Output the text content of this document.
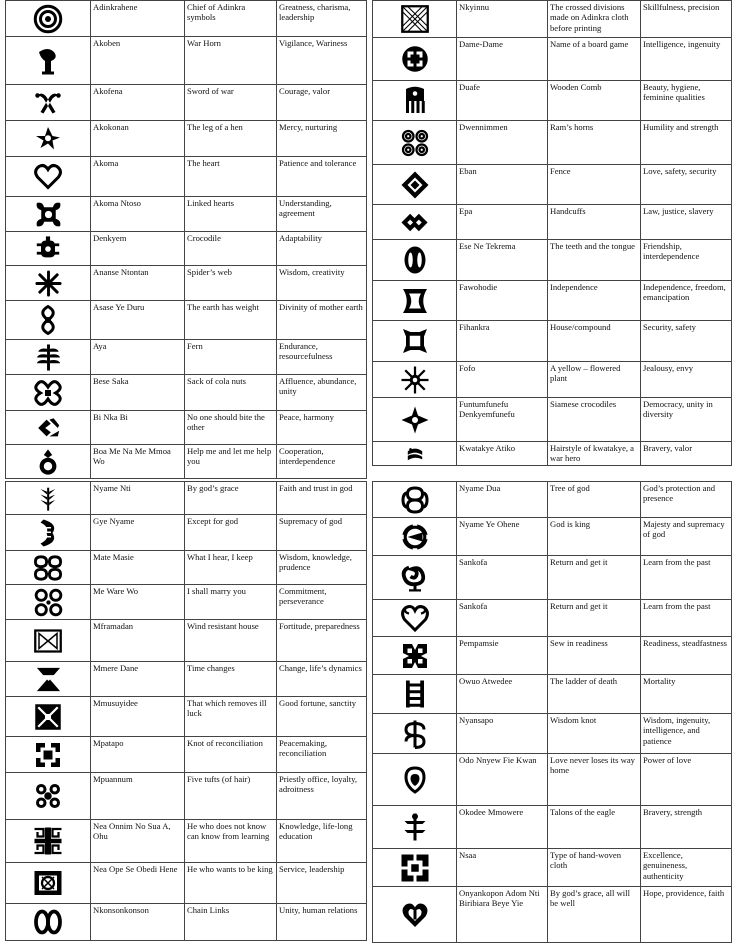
	Adinkrahene	Chief of Adinkra symbols	Greatness, charisma, leadership

	Akoben	War Horn	Vigilance, Wariness

	Akofena	Sword of war	Courage, valor

	Akokonan	The leg of a hen	Mercy, nurturing

	Akoma	The heart	Patience and tolerance

	Akoma Ntoso	Linked hearts	Understanding, agreement

	Denkyem	Crocodile	Adaptability

	Ananse Ntontan	Spider’s web	Wisdom, creativity

	Asase Ye Duru	The earth has weight	Divinity of mother earth

	Aya	Fern	Endurance, resourcefulness

	Bese Saka	Sack of cola nuts	Affluence, abundance, unity

	Bi Nka Bi	No one should bite the other	Peace, harmony

	Boa Me Na Me Mmoa Wo	Help me and let me help you	Cooperation, interdependence
	Nkyinnu	The crossed divisions made on Adinkra cloth before printing	Skillfulness, precision

	Dame-Dame	Name of a board game	Intelligence, ingenuity

	Duafe	Wooden Comb	Beauty, hygiene, feminine qualities

	Dwennimmen	Ram’s horns	Humility and strength

	Eban	Fence	Love, safety, security

	Epa	Handcuffs	Law, justice, slavery

	Ese Ne Tekrema	The teeth and the tongue	Friendship, interdependence

	Fawohodie	Independence	Independence, freedom, emancipation

	Fihankra	House/compound	Security, safety

	Fofo	A yellow – flowered plant	Jealousy, envy

	Funtumfunefu Denkyemfunefu	Siamese crocodiles	Democracy, unity in diversity

	Kwatakye Atiko	Hairstyle of kwatakye, a war hero	Bravery, valor
	Nyame Nti	By god’s grace	Faith and trust in god

	Gye Nyame	Except for god	Supremacy of god

	Mate Masie	What I hear, I keep	Wisdom, knowledge, prudence

	Me Ware Wo	I shall marry you	Commitment, perseverance

	Mframadan	Wind resistant house	Fortitude, preparedness

	Mmere Dane	Time changes	Change, life’s dynamics

	Mmusuyidee	That which removes ill luck	Good fortune, sanctity

	Mpatapo	Knot of reconciliation	Peacemaking, reconciliation

	Mpuannum	Five tufts (of hair)	Priestly office, loyalty, adroitness

	Nea Onnim No Sua A, Ohu	He who does not know can know from learning	Knowledge, life-long education

	Nea Ope Se Obedi Hene	He who wants to be king	Service, leadership

	Nkonsonkonson	Chain Links	Unity, human relations
	Nyame Dua	Tree of god	God’s protection and presence

	Nyame Ye Ohene	God is king	Majesty and supremacy of god

	Sankofa	Return and get it	Learn from the past

	Sankofa	Return and get it	Learn from the past

	Pempamsie	Sew in readiness	Readiness, steadfastness

	Owuo Atwedee	The ladder of death	Mortality

	Nyansapo	Wisdom knot	Wisdom, ingenuity, intelligence, and patience

	Odo Nnyew Fie Kwan	Love never loses its way home	Power of love

	Okodee Mmowere	Talons of the eagle	Bravery, strength

	Nsaa	Type of hand-woven cloth	Excellence, genuineness, authenticity

	Onyankopon Adom Nti Biribiara Beye Yie	By god’s grace, all will be well	Hope, providence, faith
